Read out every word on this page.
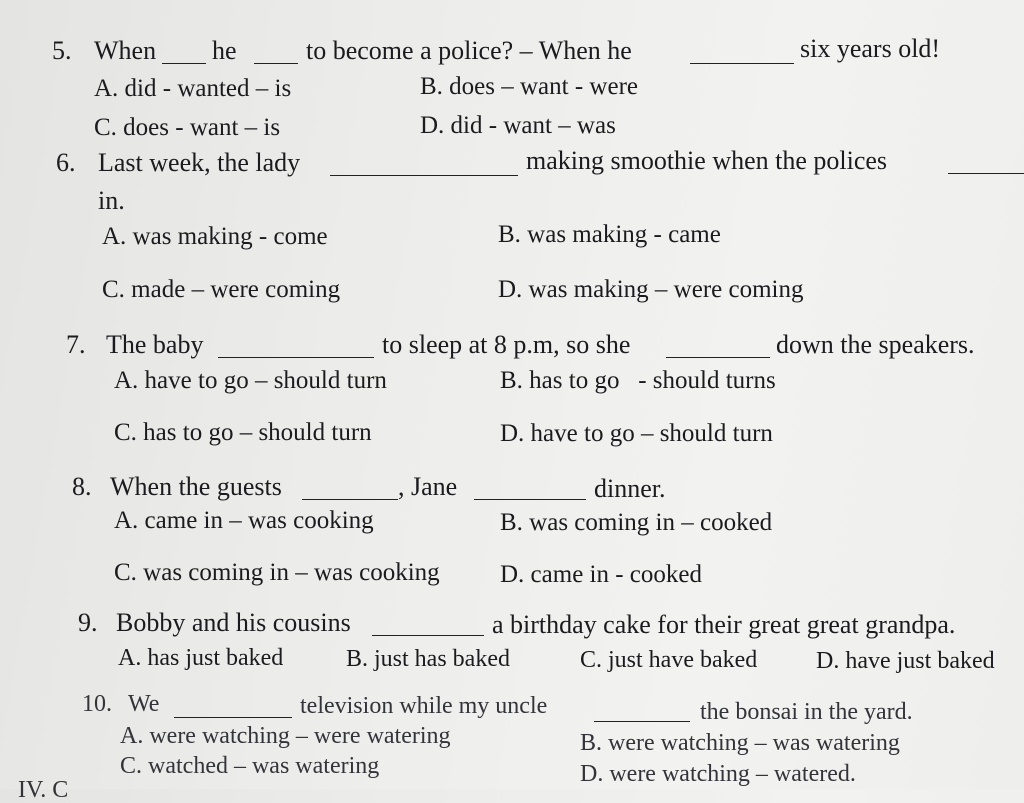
5. When he	to become a police? – When he	six years old!
A. did - wanted – is	B. does – want - were
C. does - want – is	D. did - want – was
6. Last week, the lady	making smoothie when the polices
in.
A. was making - come	B. was making - came
C. made – were coming	D. was making – were coming
7. The baby	to sleep at 8 p.m, so she	down the speakers.
A. have to go – should turn	B. has to go   - should turns
C. has to go – should turn	D. have to go – should turn
8. When the guests	, Jane	dinner.
A. came in – was cooking	B. was coming in – cooked
C. was coming in – was cooking D. came in - cooked
9. Bobby and his cousins	a birthday cake for their great great grandpa.
A. has just baked	B. just has baked	C. just have baked D. have just baked
10. We	television while my uncle	the bonsai in the yard.
A. were watching – were watering	B. were watching – was watering
C. watched – was watering	D. were watching – watered.
IV. C
